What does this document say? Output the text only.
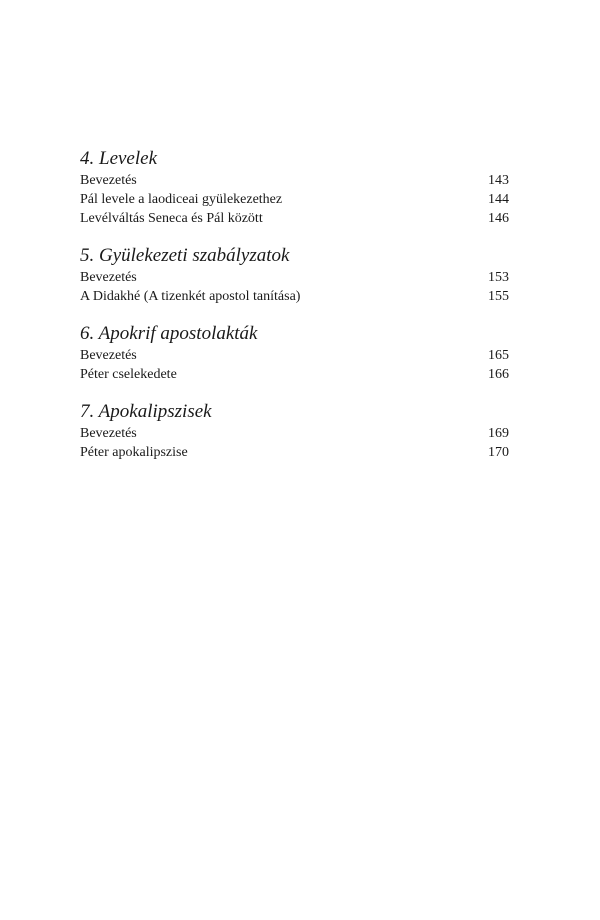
4. Levelek
Bevezetés	143
Pál levele a laodiceai gyülekezethez	144
Levélváltás Seneca és Pál között	146
5. Gyülekezeti szabályzatok
Bevezetés	153
A Didakhé (A tizenkét apostol tanítása)	155
6. Apokrif apostolakták
Bevezetés	165
Péter cselekedete	166
7. Apokalipszisek
Bevezetés	169
Péter apokalipszise	170
